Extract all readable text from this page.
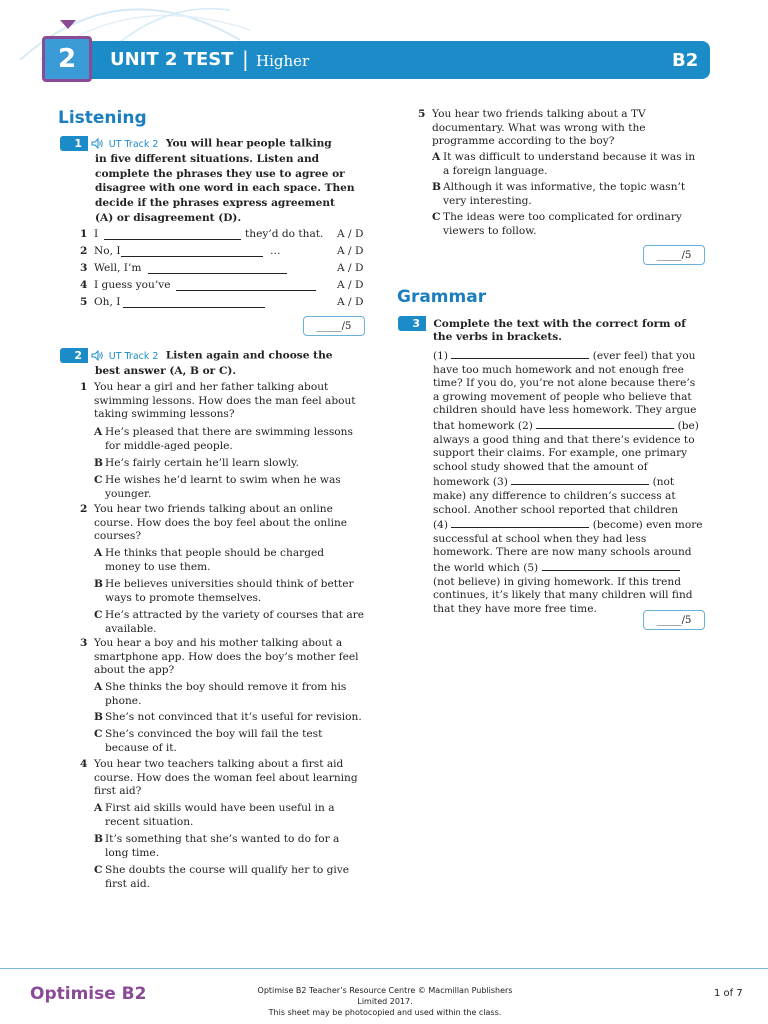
2	UNIT 2 TEST | Higher	B2
Listening
1	UT Track 2 You will hear people talking
in five different situations. Listen and
complete the phrases they use to agree or
disagree with one word in each space. Then
decide if the phrases express agreement
(A) or disagreement (D).
1 I	they’d do that. A / D
2 No, I	…	A / D
3 Well, I’m	A / D
4 I guess you’ve	A / D
5 Oh, I	A / D
_____/5
2	UT Track 2 Listen again and choose the
best answer (A, B or C).
1 You hear a girl and her father talking about
swimming lessons. How does the man feel about
taking swimming lessons?
A He’s pleased that there are swimming lessons
for middle-aged people.
B He’s fairly certain he’ll learn slowly.
C He wishes he’d learnt to swim when he was
younger.
2 You hear two friends talking about an online
course. How does the boy feel about the online
courses?
A He thinks that people should be charged
money to use them.
B He believes universities should think of better
ways to promote themselves.
C He’s attracted by the variety of courses that are
available.
3 You hear a boy and his mother talking about a
smartphone app. How does the boy’s mother feel
about the app?
A She thinks the boy should remove it from his
phone.
B She’s not convinced that it’s useful for revision.
C She’s convinced the boy will fail the test
because of it.
4 You hear two teachers talking about a first aid
course. How does the woman feel about learning
first aid?
A First aid skills would have been useful in a
recent situation.
B It’s something that she’s wanted to do for a
long time.
C She doubts the course will qualify her to give
first aid.
5 You hear two friends talking about a TV
documentary. What was wrong with the
programme according to the boy?
A It was difficult to understand because it was in
a foreign language.
B Although it was informative, the topic wasn’t
very interesting.
C The ideas were too complicated for ordinary
viewers to follow.
_____/5
Grammar
3 Complete the text with the correct form of
the verbs in brackets.
(1)	(ever feel) that you
have too much homework and not enough free
time? If you do, you’re not alone because there’s
a growing movement of people who believe that
children should have less homework. They argue
that homework (2)	(be)
always a good thing and that there’s evidence to
support their claims. For example, one primary
school study showed that the amount of
homework (3)	(not
make) any difference to children’s success at
school. Another school reported that children
(4)	(become) even more
successful at school when they had less
homework. There are now many schools around
the world which (5)
(not believe) in giving homework. If this trend
continues, it’s likely that many children will find
that they have more free time.
_____/5
Optimise B2	Optimise B2 Teacher’s Resource Centre © Macmillan Publishers Limited 2017.
This sheet may be photocopied and used within the class.
1 of 7
